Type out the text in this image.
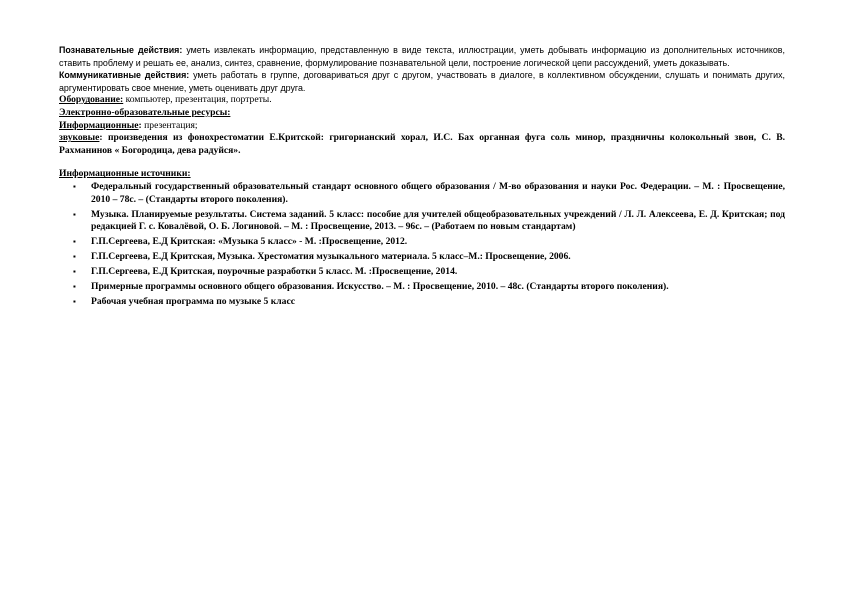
Познавательные действия: уметь извлекать информацию, представленную в виде текста, иллюстрации, уметь добывать информацию из дополнительных источников, ставить проблему и решать ее, анализ, синтез, сравнение, формулирование познавательной цели, построение логической цепи рассуждений, уметь доказывать.

Коммуникативные действия: уметь работать в группе, договариваться друг с другом, участвовать в диалоге, в коллективном обсуждении, слушать и понимать других, аргументировать свое мнение, уметь оценивать друг друга.

Оборудование: компьютер, презентация, портреты.

Электронно-образовательные ресурсы:

Информационные: презентация;

звуковые: произведения из фонохрестоматии Е.Критской: григорианский хорал, И.С. Бах органная фуга соль минор, праздничны колокольный звон, С. В. Рахманинов « Богородица, дева радуйся».

Информационные источники:

▪ Федеральный государственный образовательный стандарт основного общего образования / М-во образования и науки Рос. Федерации. – М. : Просвещение, 2010 – 78с. – (Стандарты второго поколения).
▪ Музыка. Планируемые результаты. Система заданий. 5 класс: пособие для учителей общеобразовательных учреждений / Л. Л. Алексеева, Е. Д. Критская; под редакцией Г. с. Ковалёвой, О. Б. Логиновой. – М. : Просвещение, 2013. – 96с. – (Работаем по новым стандартам)
▪ Г.П.Сергеева, Е.Д Критская: «Музыка 5 класс» - М. :Просвещение, 2012.
▪ Г.П.Сергеева, Е.Д Критская, Музыка. Хрестоматия музыкального материала. 5 класс–М.: Просвещение, 2006.
▪ Г.П.Сергеева, Е.Д Критская, поурочные разработки 5 класс. М. :Просвещение, 2014.
▪ Примерные программы основного общего образования. Искусство. – М. : Просвещение, 2010. – 48с. (Стандарты второго поколения).
▪ Рабочая учебная программа по музыке 5 класс
